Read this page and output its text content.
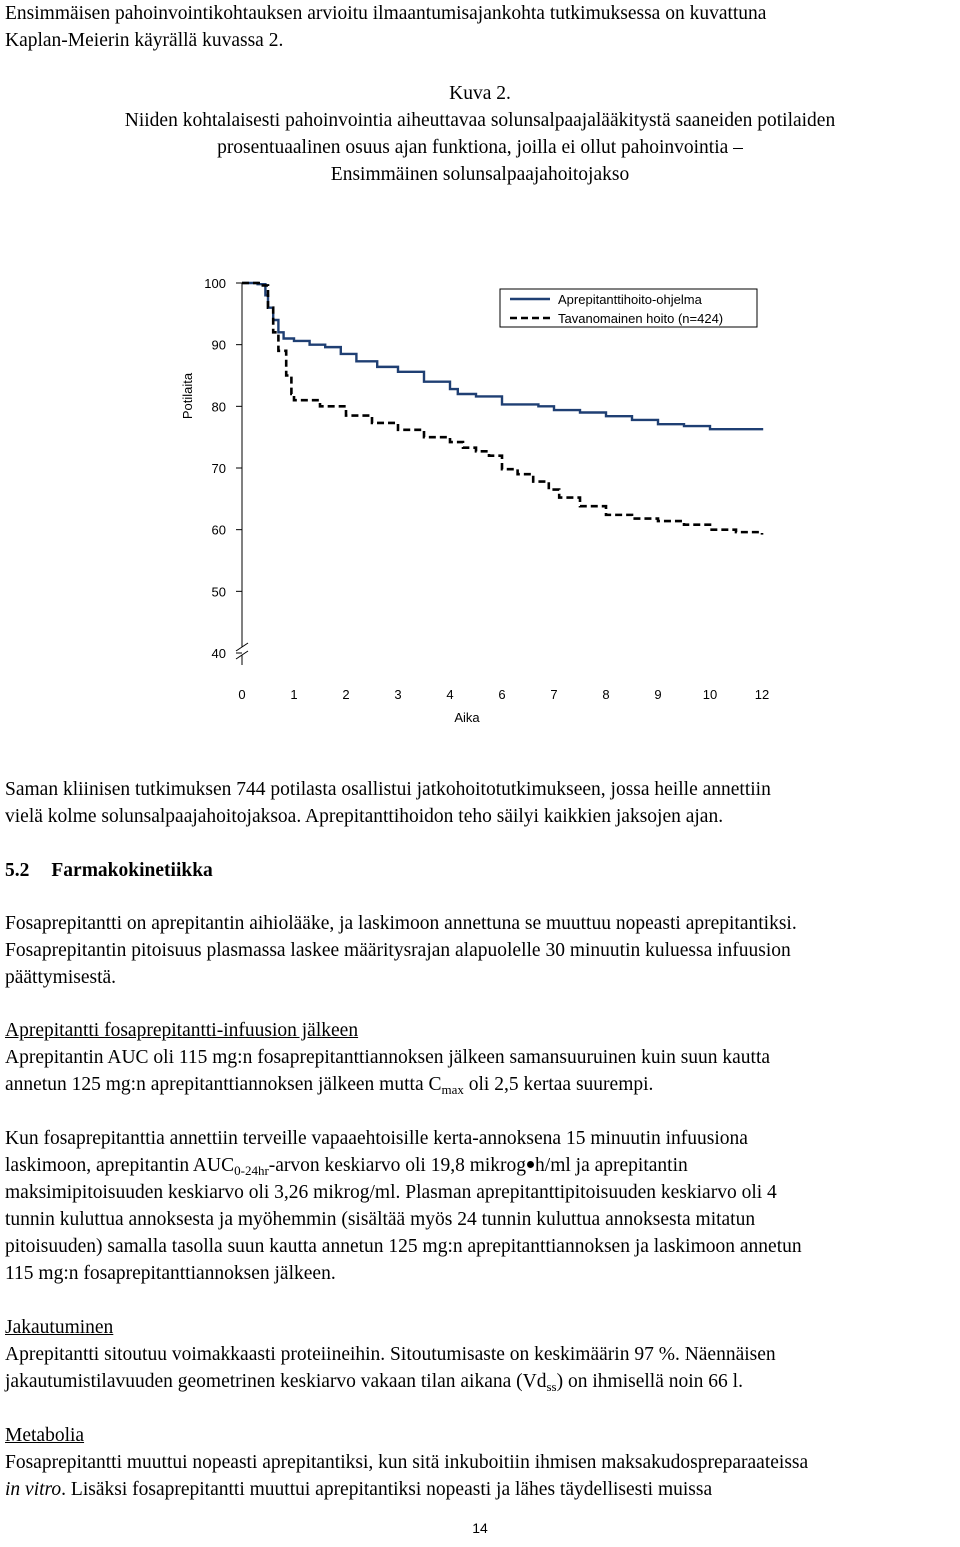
Ensimmäisen pahoinvointikohtauksen arvioitu ilmaantumisajankohta tutkimuksessa on kuvattuna

Kaplan-Meierin käyrällä kuvassa 2.

Kuva 2.

Niiden kohtalaisesti pahoinvointia aiheuttavaa solunsalpaajalääkitystä saaneiden potilaiden

prosentuaalinen osuus ajan funktiona, joilla ei ollut pahoinvointia –

Ensimmäinen solunsalpaajahoitojakso

100
90
80
70
60
50
40
0	1	2	3	4	6	7	8	9	10	12
Aprepitanttihoito-ohjelma
Tavanomainen hoito (n=424)
Potilaita
Aika

Saman kliinisen tutkimuksen 744 potilasta osallistui jatkohoitotutkimukseen, jossa heille annettiin

vielä kolme solunsalpaajahoitojaksoa. Aprepitanttihoidon teho säilyi kaikkien jaksojen ajan.

5.2 Farmakokinetiikka

Fosaprepitantti on aprepitantin aihiolääke, ja laskimoon annettuna se muuttuu nopeasti aprepitantiksi.

Fosaprepitantin pitoisuus plasmassa laskee määritysrajan alapuolelle 30 minuutin kuluessa infuusion

päättymisestä.

Aprepitantti fosaprepitantti-infuusion jälkeen

Aprepitantin AUC oli 115 mg:n fosaprepitanttiannoksen jälkeen samansuuruinen kuin suun kautta

annetun 125 mg:n aprepitanttiannoksen jälkeen mutta $C_{max}$ oli 2,5 kertaa suurempi.

Kun fosaprepitanttia annettiin terveille vapaaehtoisille kerta-annoksena 15 minuutin infuusiona

laskimoon, aprepitantin $AUC_{0-24hr}$-arvon keskiarvo oli 19,8 mikrog h/ml ja aprepitantin

maksimipitoisuuden keskiarvo oli 3,26 mikrog/ml. Plasman aprepitanttipitoisuuden keskiarvo oli 4

tunnin kuluttua annoksesta ja myöhemmin (sisältää myös 24 tunnin kuluttua annoksesta mitatun

pitoisuuden) samalla tasolla suun kautta annetun 125 mg:n aprepitanttiannoksen ja laskimoon annetun

115 mg:n fosaprepitanttiannoksen jälkeen.

Jakautuminen

Aprepitantti sitoutuu voimakkaasti proteiineihin. Sitoutumisaste on keskimäärin 97 %. Näennäisen

jakautumistilavuuden geometrinen keskiarvo vakaan tilan aikana $(Vd_{ss})$ on ihmisellä noin 66 l.

Metabolia

Fosaprepitantti muuttui nopeasti aprepitantiksi, kun sitä inkuboitiin ihmisen maksakudospreparaateissa

in vitro. Lisäksi fosaprepitantti muuttui aprepitantiksi nopeasti ja lähes täydellisesti muissa

14
